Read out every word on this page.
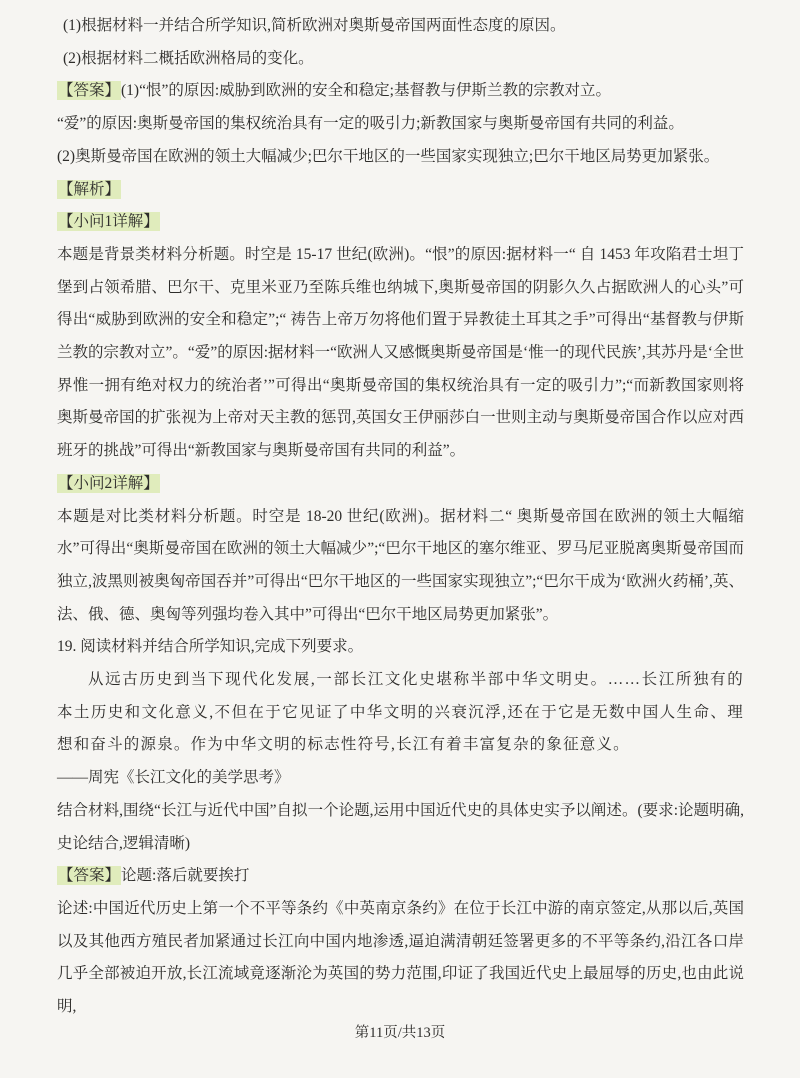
(1)根据材料一并结合所学知识,简析欧洲对奥斯曼帝国两面性态度的原因。

(2)根据材料二概括欧洲格局的变化。

【答案】(1)“恨”的原因:威胁到欧洲的安全和稳定;基督教与伊斯兰教的宗教对立。

“爱”的原因:奥斯曼帝国的集权统治具有一定的吸引力;新教国家与奥斯曼帝国有共同的利益。

(2)奥斯曼帝国在欧洲的领土大幅减少;巴尔干地区的一些国家实现独立;巴尔干地区局势更加紧张。

【解析】

【小问1详解】

本题是背景类材料分析题。时空是 15-17 世纪(欧洲)。“恨”的原因:据材料一“ 自 1453 年攻陷君士坦丁堡到占领希腊、巴尔干、克里米亚乃至陈兵维也纳城下,奥斯曼帝国的阴影久久占据欧洲人的心头”可得出“威胁到欧洲的安全和稳定”;“ 祷告上帝万勿将他们置于异教徒土耳其之手”可得出“基督教与伊斯兰教的宗教对立”。“爱”的原因:据材料一“欧洲人又感慨奥斯曼帝国是‘惟一的现代民族’,其苏丹是‘全世界惟一拥有绝对权力的统治者’”可得出“奥斯曼帝国的集权统治具有一定的吸引力”;“而新教国家则将奥斯曼帝国的扩张视为上帝对天主教的惩罚,英国女王伊丽莎白一世则主动与奥斯曼帝国合作以应对西班牙的挑战”可得出“新教国家与奥斯曼帝国有共同的利益”。

【小问2详解】

本题是对比类材料分析题。时空是 18-20 世纪(欧洲)。据材料二“ 奥斯曼帝国在欧洲的领土大幅缩水”可得出“奥斯曼帝国在欧洲的领土大幅减少”;“巴尔干地区的塞尔维亚、罗马尼亚脱离奥斯曼帝国而独立,波黑则被奥匈帝国吞并”可得出“巴尔干地区的一些国家实现独立”;“巴尔干成为‘欧洲火药桶’,英、法、俄、德、奥匈等列强均卷入其中”可得出“巴尔干地区局势更加紧张”。

19. 阅读材料并结合所学知识,完成下列要求。

从远古历史到当下现代化发展,一部长江文化史堪称半部中华文明史。……长江所独有的本土历史和文化意义,不但在于它见证了中华文明的兴衰沉浮,还在于它是无数中国人生命、理想和奋斗的源泉。作为中华文明的标志性符号,长江有着丰富复杂的象征意义。

——周宪《长江文化的美学思考》

结合材料,围绕“长江与近代中国”自拟一个论题,运用中国近代史的具体史实予以阐述。(要求:论题明确,史论结合,逻辑清晰)

【答案】论题:落后就要挨打

论述:中国近代历史上第一个不平等条约《中英南京条约》在位于长江中游的南京签定,从那以后,英国以及其他西方殖民者加紧通过长江向中国内地渗透,逼迫满清朝廷签署更多的不平等条约,沿江各口岸几乎全部被迫开放,长江流域竟逐渐沦为英国的势力范围,印证了我国近代史上最屈辱的历史,也由此说明,

第11页/共13页
